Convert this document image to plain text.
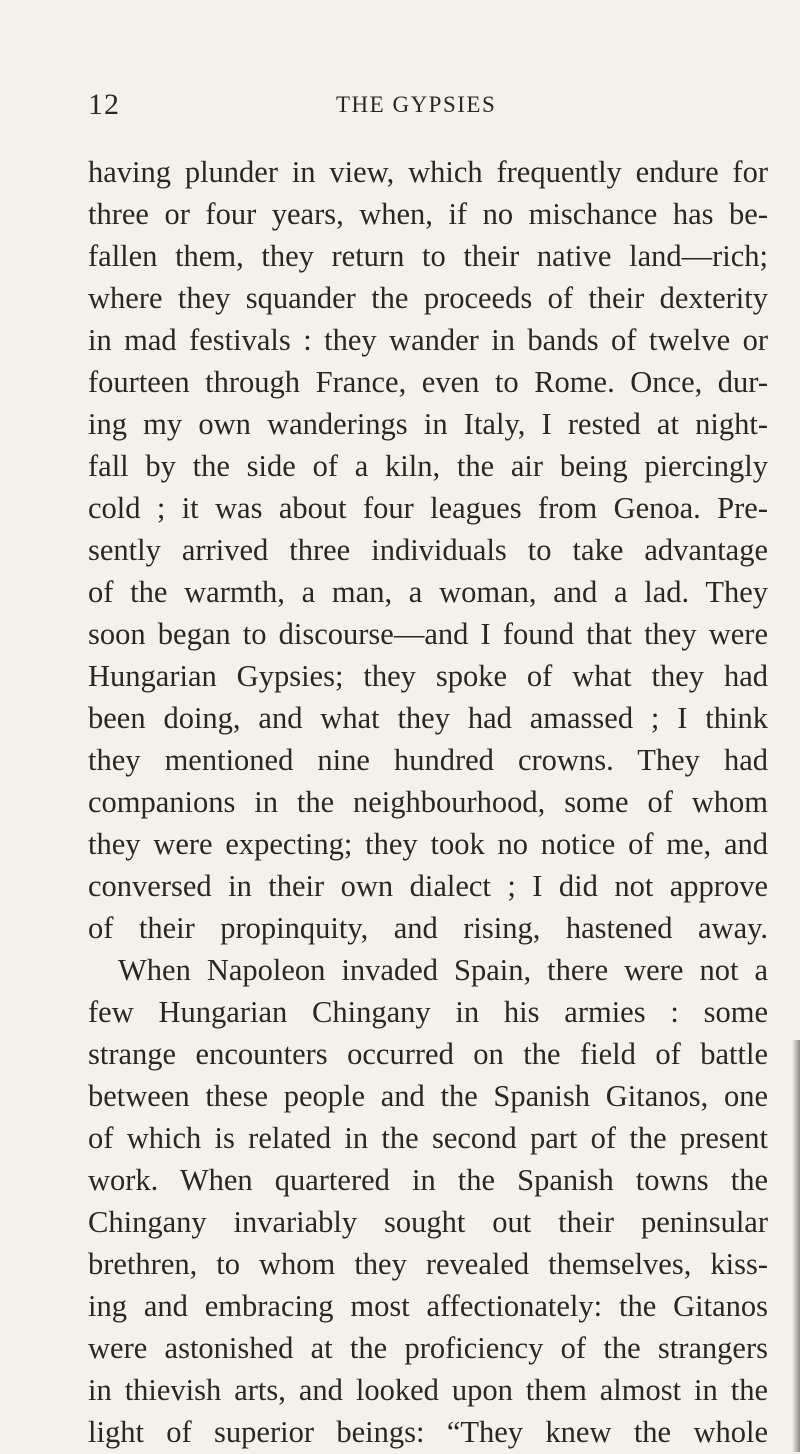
12	THE GYPSIES
having plunder in view, which frequently endure for
three or four years, when, if no mischance has be-
fallen them, they return to their native land—rich;
where they squander the proceeds of their dexterity
in mad festivals : they wander in bands of twelve or
fourteen through France, even to Rome. Once, dur-
ing my own wanderings in Italy, I rested at night-
fall by the side of a kiln, the air being piercingly
cold ; it was about four leagues from Genoa. Pre-
sently arrived three individuals to take advantage
of the warmth, a man, a woman, and a lad. They
soon began to discourse—and I found that they were
Hungarian Gypsies; they spoke of what they had
been doing, and what they had amassed ; I think
they mentioned nine hundred crowns. They had
companions in the neighbourhood, some of whom
they were expecting; they took no notice of me, and
conversed in their own dialect ; I did not approve
of their propinquity, and rising, hastened away.
When Napoleon invaded Spain, there were not a
few Hungarian Chingany in his armies : some
strange encounters occurred on the field of battle
between these people and the Spanish Gitanos, one
of which is related in the second part of the present
work. When quartered in the Spanish towns the
Chingany invariably sought out their peninsular
brethren, to whom they revealed themselves, kiss-
ing and embracing most affectionately: the Gitanos
were astonished at the proficiency of the strangers
in thievish arts, and looked upon them almost in the
light of superior beings: “They knew the whole
